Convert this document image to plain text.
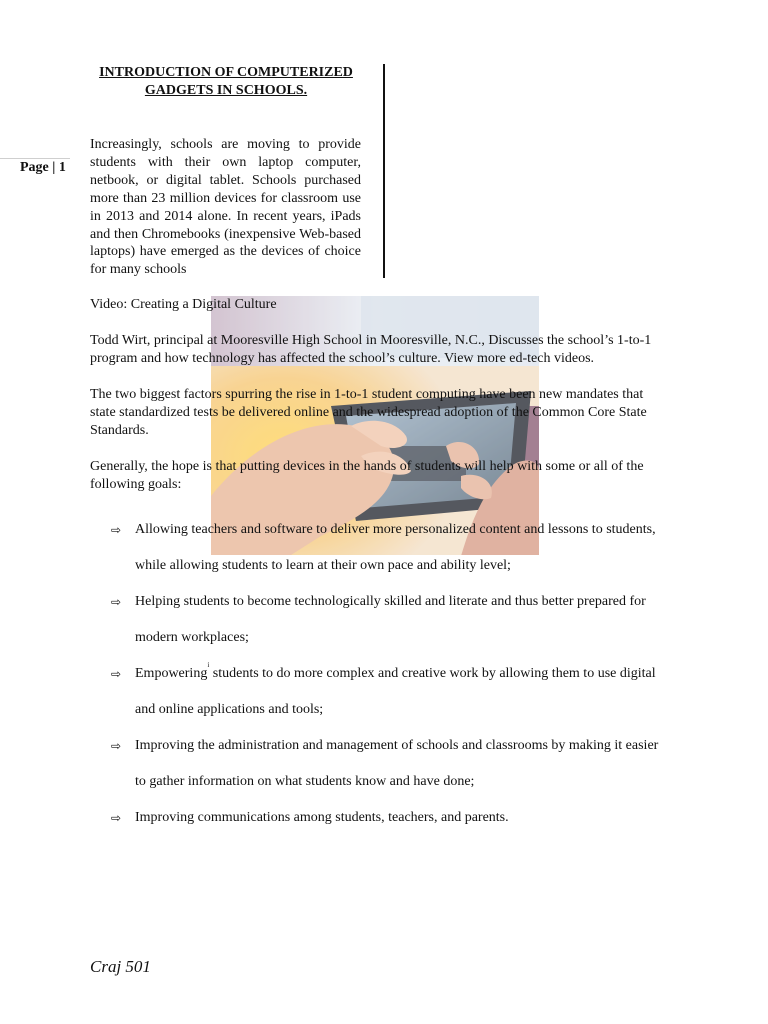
Page | 1
INTRODUCTION OF COMPUTERIZED GADGETS IN SCHOOLS.
Increasingly, schools are moving to provide students with their own laptop computer, netbook, or digital tablet. Schools purchased more than 23 million devices for classroom use in 2013 and 2014 alone. In recent years, iPads and then Chromebooks (inexpensive Web-based laptops) have emerged as the devices of choice for many schools

Video: Creating a Digital Culture

Todd Wirt, principal at Mooresville High School in Mooresville, N.C., Discusses the school’s 1-to-1 program and how technology has affected the school’s culture. View more ed-tech videos.

The two biggest factors spurring the rise in 1-to-1 student computing have been new mandates that state standardized tests be delivered online and the widespread adoption of the Common Core State Standards.

Generally, the hope is that putting devices in the hands of students will help with some or all of the following goals:

⇨ Allowing teachers and software to deliver more personalized content and lessons to students, while allowing students to learn at their own pace and ability level;
⇨ Helping students to become technologically skilled and literate and thus better prepared for modern workplaces;
⇨ Empowering$^i$ students to do more complex and creative work by allowing them to use digital and online applications and tools;
⇨ Improving the administration and management of schools and classrooms by making it easier to gather information on what students know and have done;
⇨ Improving communications among students, teachers, and parents.
Craj 501
